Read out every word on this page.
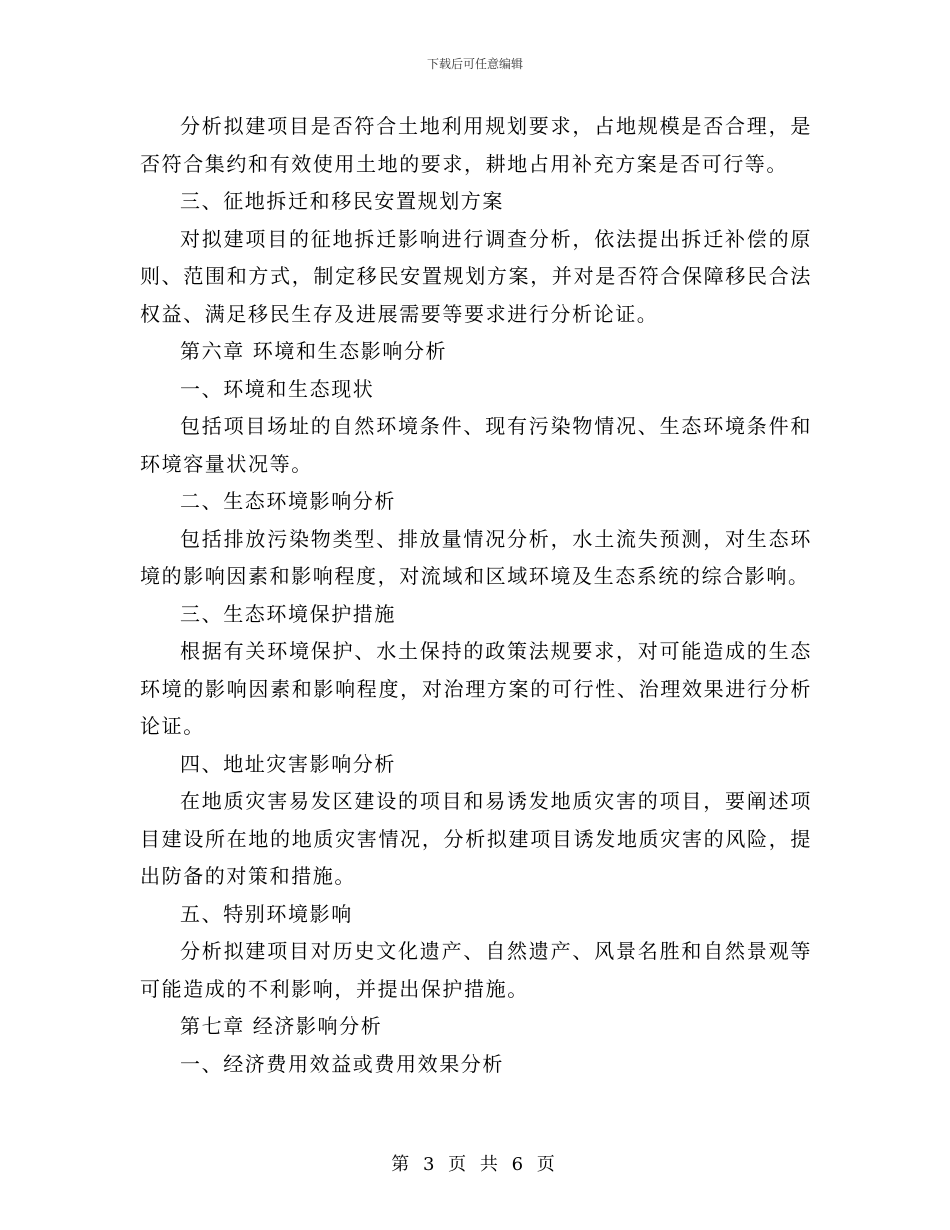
下载后可任意编辑

分析拟建项目是否符合土地利用规划要求，占地规模是否合理，是否符合集约和有效使用土地的要求，耕地占用补充方案是否可行等。

三、征地拆迁和移民安置规划方案

对拟建项目的征地拆迁影响进行调查分析，依法提出拆迁补偿的原则、范围和方式，制定移民安置规划方案，并对是否符合保障移民合法权益、满足移民生存及进展需要等要求进行分析论证。

第六章 环境和生态影响分析

一、环境和生态现状

包括项目场址的自然环境条件、现有污染物情况、生态环境条件和环境容量状况等。

二、生态环境影响分析

包括排放污染物类型、排放量情况分析，水土流失预测，对生态环境的影响因素和影响程度，对流域和区域环境及生态系统的综合影响。

三、生态环境保护措施

根据有关环境保护、水土保持的政策法规要求，对可能造成的生态环境的影响因素和影响程度，对治理方案的可行性、治理效果进行分析论证。

四、地址灾害影响分析

在地质灾害易发区建设的项目和易诱发地质灾害的项目，要阐述项目建设所在地的地质灾害情况，分析拟建项目诱发地质灾害的风险，提出防备的对策和措施。

五、特别环境影响

分析拟建项目对历史文化遗产、自然遗产、风景名胜和自然景观等可能造成的不利影响，并提出保护措施。

第七章 经济影响分析

一、经济费用效益或费用效果分析

第 3 页 共 6 页
